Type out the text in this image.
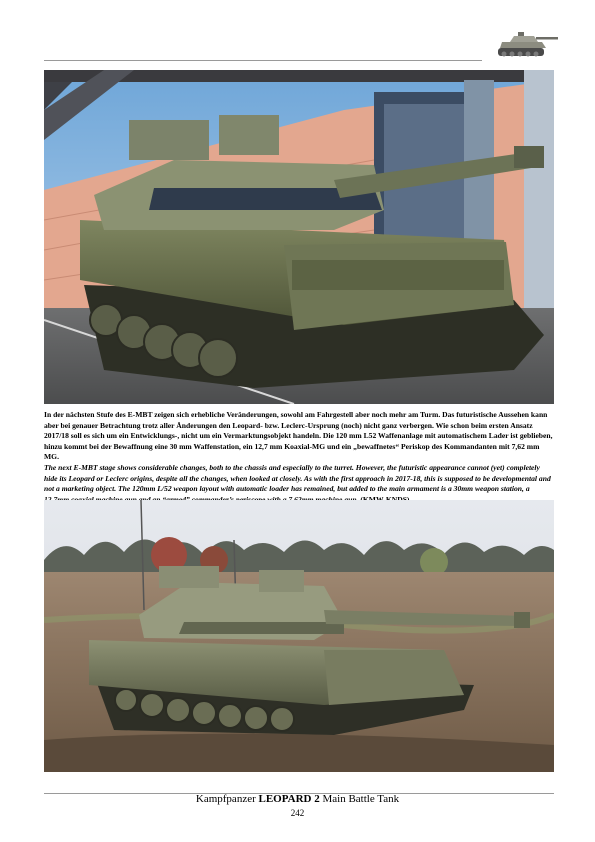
In der nächsten Stufe des E-MBT zeigen sich erhebliche Veränderungen, sowohl am Fahrgestell aber noch mehr am Turm. Das futuristische Aussehen kann aber bei genauer Betrachtung trotz aller Änderungen den Leopard- bzw. Leclerc-Ursprung (noch) nicht ganz verbergen. Wie schon beim ersten Ansatz 2017/18 soll es sich um ein Entwicklungs-, nicht um ein Vermarktungsobjekt handeln. Die 120 mm L52 Waffenanlage mit automatischem Lader ist geblieben, hinzu kommt bei der Bewaffnung eine 30 mm Waffenstation, ein 12,7 mm Koaxial-MG und ein „bewaffnetes“ Periskop des Kommandanten mit 7,62 mm MG.

The next E-MBT stage shows considerable changes, both to the chassis and especially to the turret. However, the futuristic appearance cannot (yet) completely hide its Leopard or Leclerc origins, despite all the changes, when looked at closely. As with the first approach in 2017-18, this is supposed to be developmental and not a marketing object. The 120mm L/52 weapon layout with automatic loader has remained, but added to the main armament is a 30mm weapon station, a

Kampfpanzer LEOPARD 2 Main Battle Tank
242
